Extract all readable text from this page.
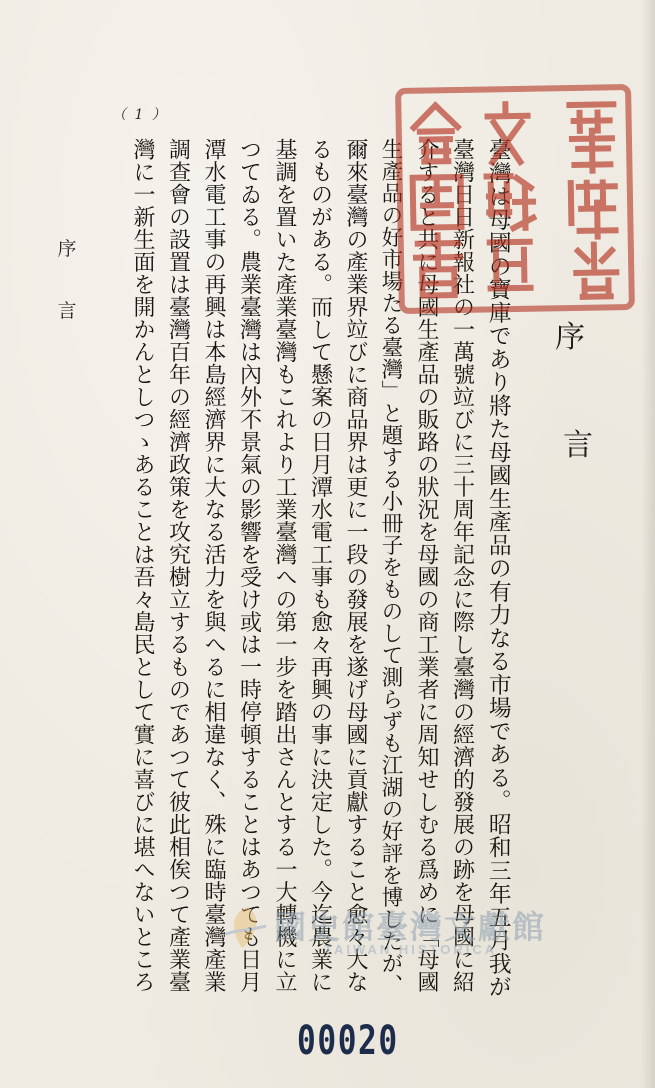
（ 1 ）
臺灣は母國の寶庫であり將た母國生產品の有力なる市場である。昭和三年五月我が
臺灣日日新報社の一萬號竝びに三十周年記念に際し臺灣の經濟的發展の跡を母國に紹
介すると共に母國生產品の販路の狀況を母國の商工業者に周知せしむる爲めに「母國
生產品の好市場たる臺灣」と題する小冊子をものして測らずも江湖の好評を博したが、
爾來臺灣の產業界竝びに商品界は更に一段の發展を遂げ母國に貢獻すること愈々大な
るものがある。而して懸案の日月潭水電工事も愈々再興の事に決定した。今迄農業に
基調を置いた產業臺灣もこれより工業臺灣への第一步を踏出さんとする一大轉機に立
つてゐる。農業臺灣は內外不景氣の影響を受け或は一時停頓することはあつても日月
潭水電工事の再興は本島經濟界に大なる活力を與へるに相違なく、殊に臨時臺灣產業
調查會の設置は臺灣百年の經濟政策を攻究樹立するものであつて彼此相俟つて產業臺
灣に一新生面を開かんとしつゝあることは吾々島民として實に喜びに堪へないところ	序
言
序
言
國史館臺灣文獻館
TAIWAN HISTORICA
00020
